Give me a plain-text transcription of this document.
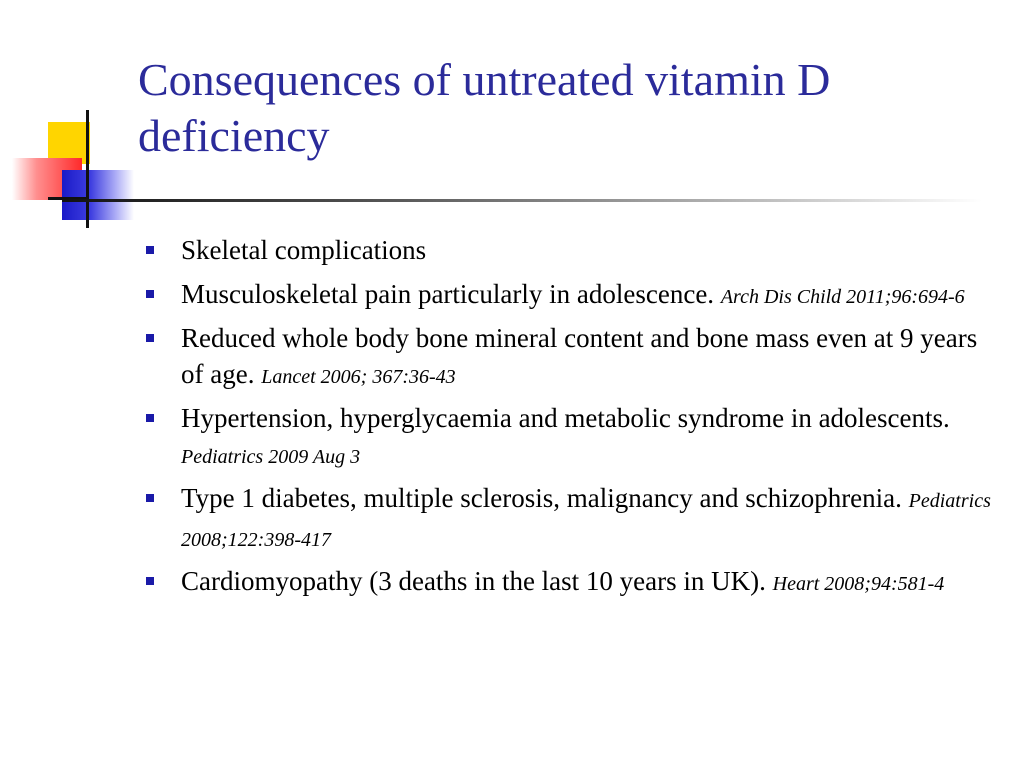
Consequences of untreated vitamin D deficiency
Skeletal complications
Musculoskeletal pain particularly in adolescence. Arch Dis Child 2011;96:694-6
Reduced whole body bone mineral content and bone mass even at 9 years of age. Lancet 2006; 367:36-43
Hypertension, hyperglycaemia and metabolic syndrome in adolescents. Pediatrics 2009 Aug 3
Type 1 diabetes, multiple sclerosis, malignancy and schizophrenia. Pediatrics 2008;122:398-417
Cardiomyopathy (3 deaths in the last 10 years in UK). Heart 2008;94:581-4
